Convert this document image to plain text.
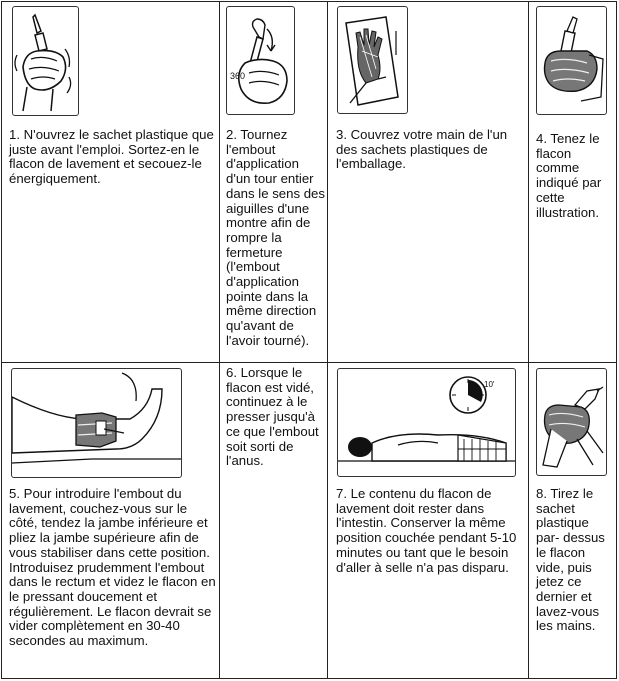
1. N'ouvrez le sachet plastique que juste avant l'emploi. Sortez-en le flacon de lavement et secouez-le énergiquement.
360
2. Tournez l'embout d'application d'un tour entier dans le sens des aiguilles d'une montre afin de rompre la fermeture (l'embout d'application pointe dans la même direction qu'avant de l'avoir tourné).
3. Couvrez votre main de l'un des sachets plastiques de l'emballage.
4. Tenez le flacon comme indiqué par cette illustration.
5. Pour introduire l'embout du lavement, couchez-vous sur le côté, tendez la jambe inférieure et pliez la jambe supérieure afin de vous stabiliser dans cette position. Introduisez prudemment l'embout dans le rectum et videz le flacon en le pressant doucement et régulièrement. Le flacon devrait se vider complètement en 30-40 secondes au maximum.
6. Lorsque le flacon est vidé, continuez à le presser jusqu'à ce que l'embout soit sorti de l'anus.
10'
7. Le contenu du flacon de lavement doit rester dans l'intestin. Conserver la même position couchée pendant 5-10 minutes ou tant que le besoin d'aller à selle n'a pas disparu.
8. Tirez le sachet plastique par- dessus le flacon vide, puis jetez ce dernier et lavez-vous les mains.
